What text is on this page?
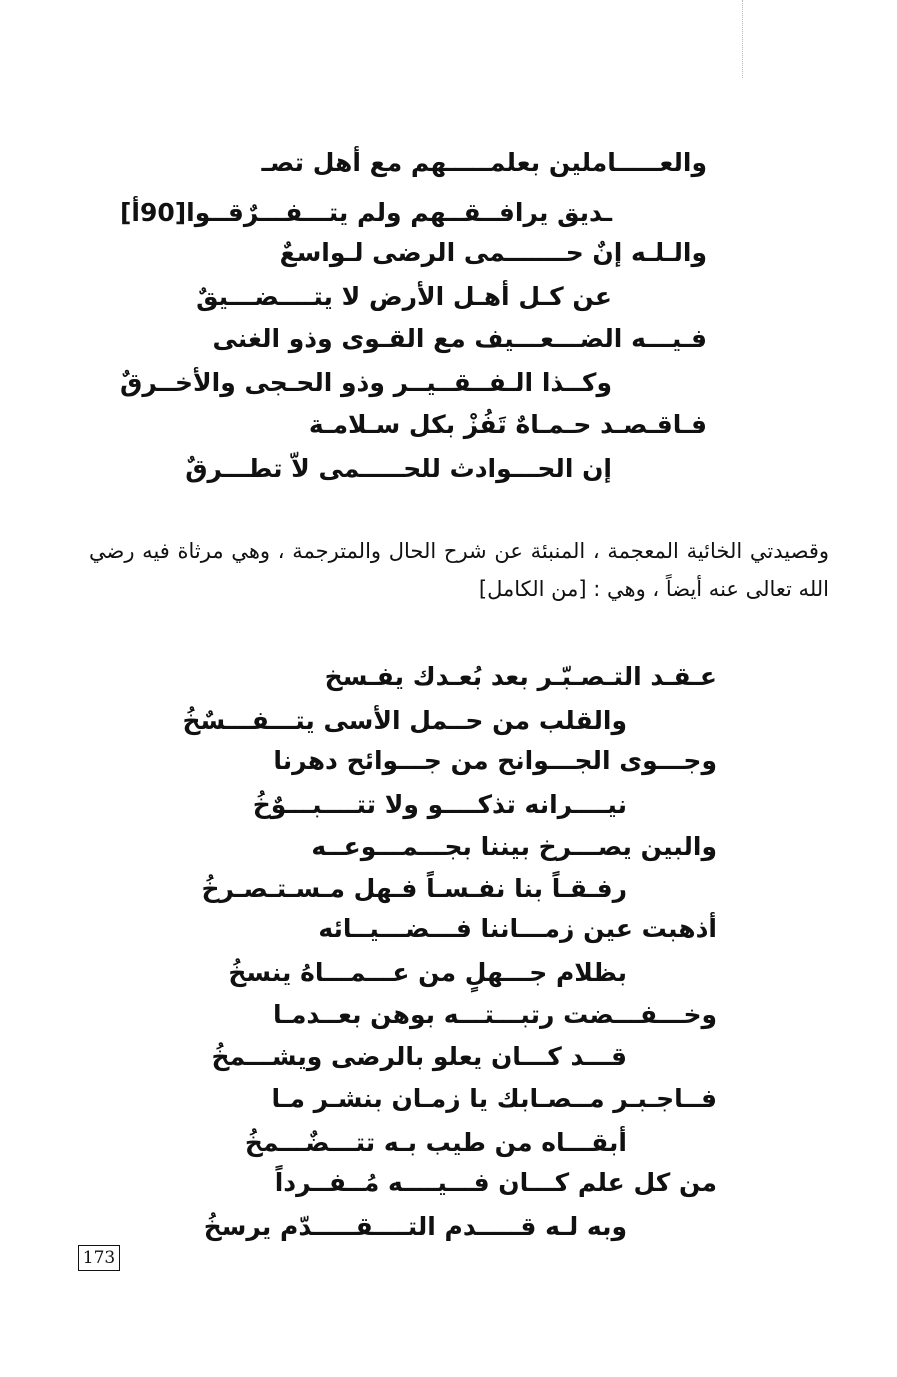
والعـــــاملين بعلمـــــهم مع أهل تصـ
ـديق يرافــقــهم ولم يتـــفـــرٌقــوا[90أ]
والـلـه إنٌ حـــــــمى الرضى لـواسعٌ
عن كـل أهـل الأرض لا يتــــضـــيقٌ
فـيـــه الضـــعـــيف مع القـوى وذو الغنى
وكــذا الـفــقــيــر وذو الحـجى والأخــرقٌ
فـاقـصـد حـمـاهٌ تَفُزْ بكل سـلامـة
إن الحـــوادث للحـــــمى لاّ تطـــرقٌ
وقصيدتي الخائية المعجمة ، المنبئة عن شرح الحال والمترجمة ، وهي مرثاة فيه رضي الله تعالى عنه أيضاً ، وهي : [من الكامل]
عـقـد التـصـبّـر بعد بُعـدك يفـسخ
والقلب من حــمل الأسى يتـــفـــسٌخُ
وجـــوى الجـــوانح من جـــوائح دهرنا
نيــــرانه تذكــــو ولا تتــــبـــوٌخُ
والبين يصـــرخ بيننا بجـــمـــوعــه
رفـقـاً بنا نفـسـاً فـهل مـسـتـصـرخُ
أذهبت عين زمـــاننا فـــضـــيــائه
بظلام جـــهلٍ من عـــمـــاهُ ينسخُ
وخـــفـــضت رتبـــتـــه بوهن بعــدمـا
قـــد كـــان يعلو بالرضى ويشـــمخُ
فــاجـبـر مــصـابك يا زمـان بنشـر مـا
أبقـــاه من طيب بـه تتـــضٌـــمخُ
من كل علم كـــان فـــيــــه مُــفــرداً
وبه لـه قـــــدم التــــقـــــدّم يرسخُ
173
